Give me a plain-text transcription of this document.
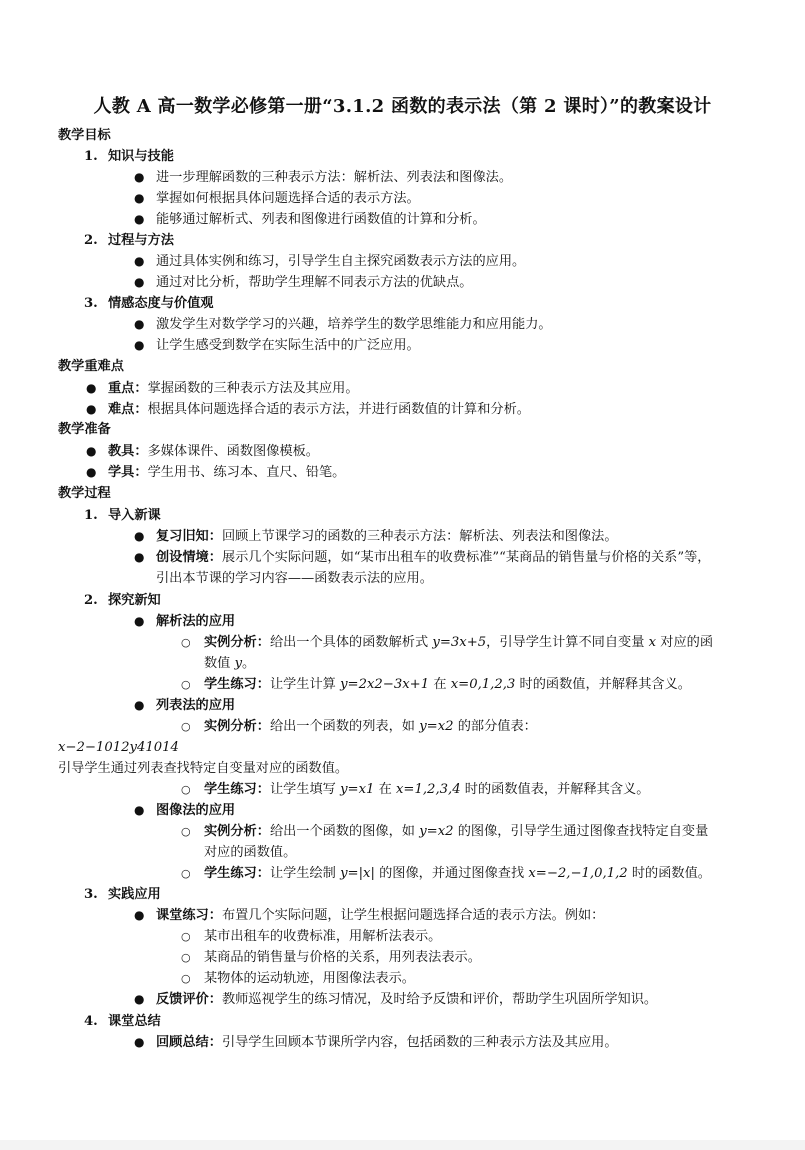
人教 A 高一数学必修第一册“3.1.2 函数的表示法（第 2 课时）”的教案设计
教学目标
1. 知识与技能
● 进一步理解函数的三种表示方法：解析法、列表法和图像法。
● 掌握如何根据具体问题选择合适的表示方法。
● 能够通过解析式、列表和图像进行函数值的计算和分析。
2. 过程与方法
● 通过具体实例和练习，引导学生自主探究函数表示方法的应用。
● 通过对比分析，帮助学生理解不同表示方法的优缺点。
3. 情感态度与价值观
● 激发学生对数学学习的兴趣，培养学生的数学思维能力和应用能力。
● 让学生感受到数学在实际生活中的广泛应用。
教学重难点
● 重点：掌握函数的三种表示方法及其应用。
● 难点：根据具体问题选择合适的表示方法，并进行函数值的计算和分析。
教学准备
● 教具：多媒体课件、函数图像模板。
● 学具：学生用书、练习本、直尺、铅笔。
教学过程
1. 导入新课
● 复习旧知：回顾上节课学习的函数的三种表示方法：解析法、列表法和图像法。
● 创设情境：展示几个实际问题，如“某市出租车的收费标准”“某商品的销售量与价格的关系”等，
引出本节课的学习内容——函数表示法的应用。
2. 探究新知
● 解析法的应用
○ 实例分析：给出一个具体的函数解析式 y=3x+5，引导学生计算不同自变量 x 对应的函
数值 y。
○ 学生练习：让学生计算 y=2x2−3x+1 在 x=0,1,2,3 时的函数值，并解释其含义。
● 列表法的应用
○ 实例分析：给出一个函数的列表，如 y=x2 的部分值表：
x−2−1012y41014
引导学生通过列表查找特定自变量对应的函数值。
○ 学生练习：让学生填写 y=x1 在 x=1,2,3,4 时的函数值表，并解释其含义。
● 图像法的应用
○ 实例分析：给出一个函数的图像，如 y=x2 的图像，引导学生通过图像查找特定自变量
对应的函数值。
○ 学生练习：让学生绘制 y=|x| 的图像，并通过图像查找 x=−2,−1,0,1,2 时的函数值。
3. 实践应用
● 课堂练习：布置几个实际问题，让学生根据问题选择合适的表示方法。例如：
○ 某市出租车的收费标准，用解析法表示。
○ 某商品的销售量与价格的关系，用列表法表示。
○ 某物体的运动轨迹，用图像法表示。
● 反馈评价：教师巡视学生的练习情况，及时给予反馈和评价，帮助学生巩固所学知识。
4. 课堂总结
● 回顾总结：引导学生回顾本节课所学内容，包括函数的三种表示方法及其应用。
